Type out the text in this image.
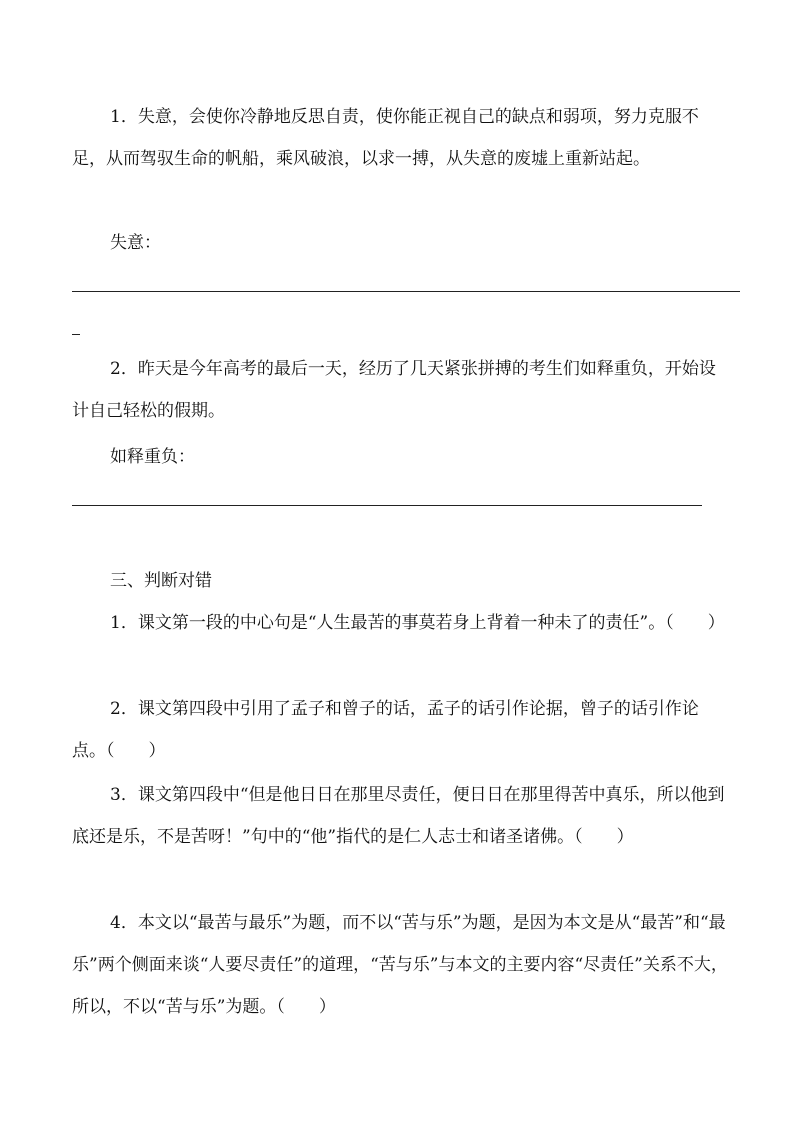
1．失意，会使你冷静地反思自责，使你能正视自己的缺点和弱项，努力克服不足，从而驾驭生命的帆船，乘风破浪，以求一搏，从失意的废墟上重新站起。

失意：

2．昨天是今年高考的最后一天，经历了几天紧张拼搏的考生们如释重负，开始设计自己轻松的假期。

如释重负：

三、判断对错

1．课文第一段的中心句是“人生最苦的事莫若身上背着一种未了的责任”。（　　）

2．课文第四段中引用了孟子和曾子的话，孟子的话引作论据，曾子的话引作论点。（　　）

3．课文第四段中“但是他日日在那里尽责任，便日日在那里得苦中真乐，所以他到底还是乐，不是苦呀！”句中的“他”指代的是仁人志士和诸圣诸佛。（　　）

4．本文以“最苦与最乐”为题，而不以“苦与乐”为题，是因为本文是从“最苦”和“最乐”两个侧面来谈“人要尽责任”的道理，“苦与乐”与本文的主要内容“尽责任”关系不大，所以，不以“苦与乐”为题。（　　）
